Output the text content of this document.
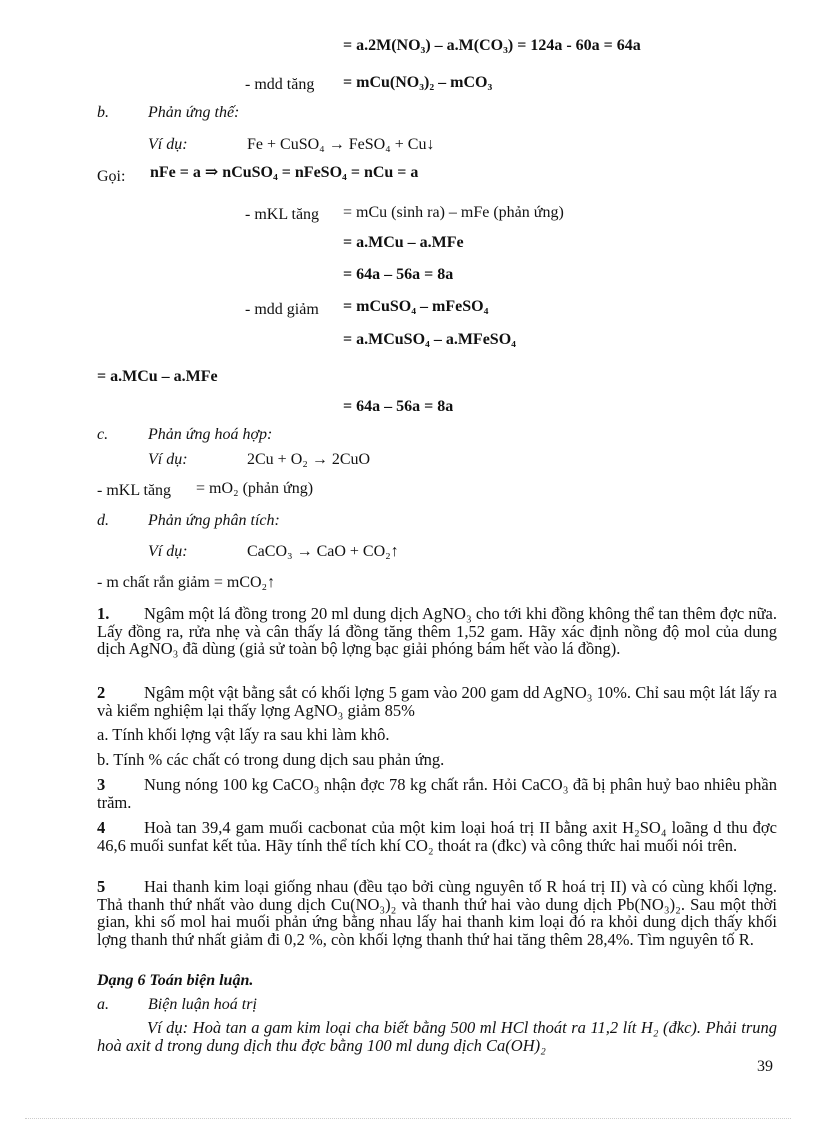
= a.2M(NO₃) – a.M(CO₃) = 124a - 60a = 64a
- mdd tăng = mCu(NO₃)₂ – mCO₃
b. Phản ứng thế:
Ví dụ:	Fe + CuSO₄ → FeSO₄ + Cu↓
Gọi: nFe = a ⇒ nCuSO₄ = nFeSO₄ = nCu = a
- mKL tăng = mCu (sinh ra) – mFe (phản ứng)
= a.MCu – a.MFe
= 64a – 56a = 8a
- mdd giảm = mCuSO₄ – mFeSO₄
= a.MCuSO₄ – a.MFeSO₄
= a.MCu – a.MFe
= 64a – 56a = 8a
c. Phản ứng hoá hợp:
Ví dụ:	2Cu + O₂ → 2CuO
- mKL tăng = mO₂ (phản ứng)
d. Phản ứng phân tích:
Ví dụ:	CaCO₃ → CaO + CO₂↑
- m chất rắn giảm = mCO₂↑
1. Ngâm một lá đồng trong 20 ml dung dịch AgNO₃ cho tới khi đồng không thể tan thêm đợc nữa. Lấy đồng ra, rửa nhẹ và cân thấy lá đồng tăng thêm 1,52 gam. Hãy xác định nồng độ mol của dung dịch AgNO₃ đã dùng (giả sử toàn bộ lợng bạc giải phóng bám hết vào lá đồng).
2 Ngâm một vật bằng sắt có khối lợng 5 gam vào 200 gam dd AgNO₃ 10%. Chỉ sau một lát lấy ra và kiểm nghiệm lại thấy lợng AgNO₃ giảm 85%
a. Tính khối lợng vật lấy ra sau khi làm khô.
b. Tính % các chất có trong dung dịch sau phản ứng.
3 Nung nóng 100 kg CaCO₃ nhận đợc 78 kg chất rắn. Hỏi CaCO₃ đã bị phân huỷ bao nhiêu phần trăm.
4 Hoà tan 39,4 gam muối cacbonat của một kim loại hoá trị II bằng axit H₂SO₄ loãng d thu đợc 46,6 muối sunfat kết tủa. Hãy tính thể tích khí CO₂ thoát ra (đkc) và công thức hai muối nói trên.
5 Hai thanh kim loại giống nhau (đều tạo bởi cùng nguyên tố R hoá trị II) và có cùng khối lợng. Thả thanh thứ nhất vào dung dịch Cu(NO₃)₂ và thanh thứ hai vào dung dịch Pb(NO₃)₂. Sau một thời gian, khi số mol hai muối phản ứng bằng nhau lấy hai thanh kim loại đó ra khỏi dung dịch thấy khối lợng thanh thứ nhất giảm đi 0,2 %, còn khối lợng thanh thứ hai tăng thêm 28,4%. Tìm nguyên tố R.
Dạng 6 Toán biện luận.
a. Biện luận hoá trị
Ví dụ: Hoà tan a gam kim loại cha biết bằng 500 ml HCl thoát ra 11,2 lít H₂ (đkc). Phải trung hoà axit d trong dung dịch thu đợc bằng 100 ml dung dịch Ca(OH)₂
39
